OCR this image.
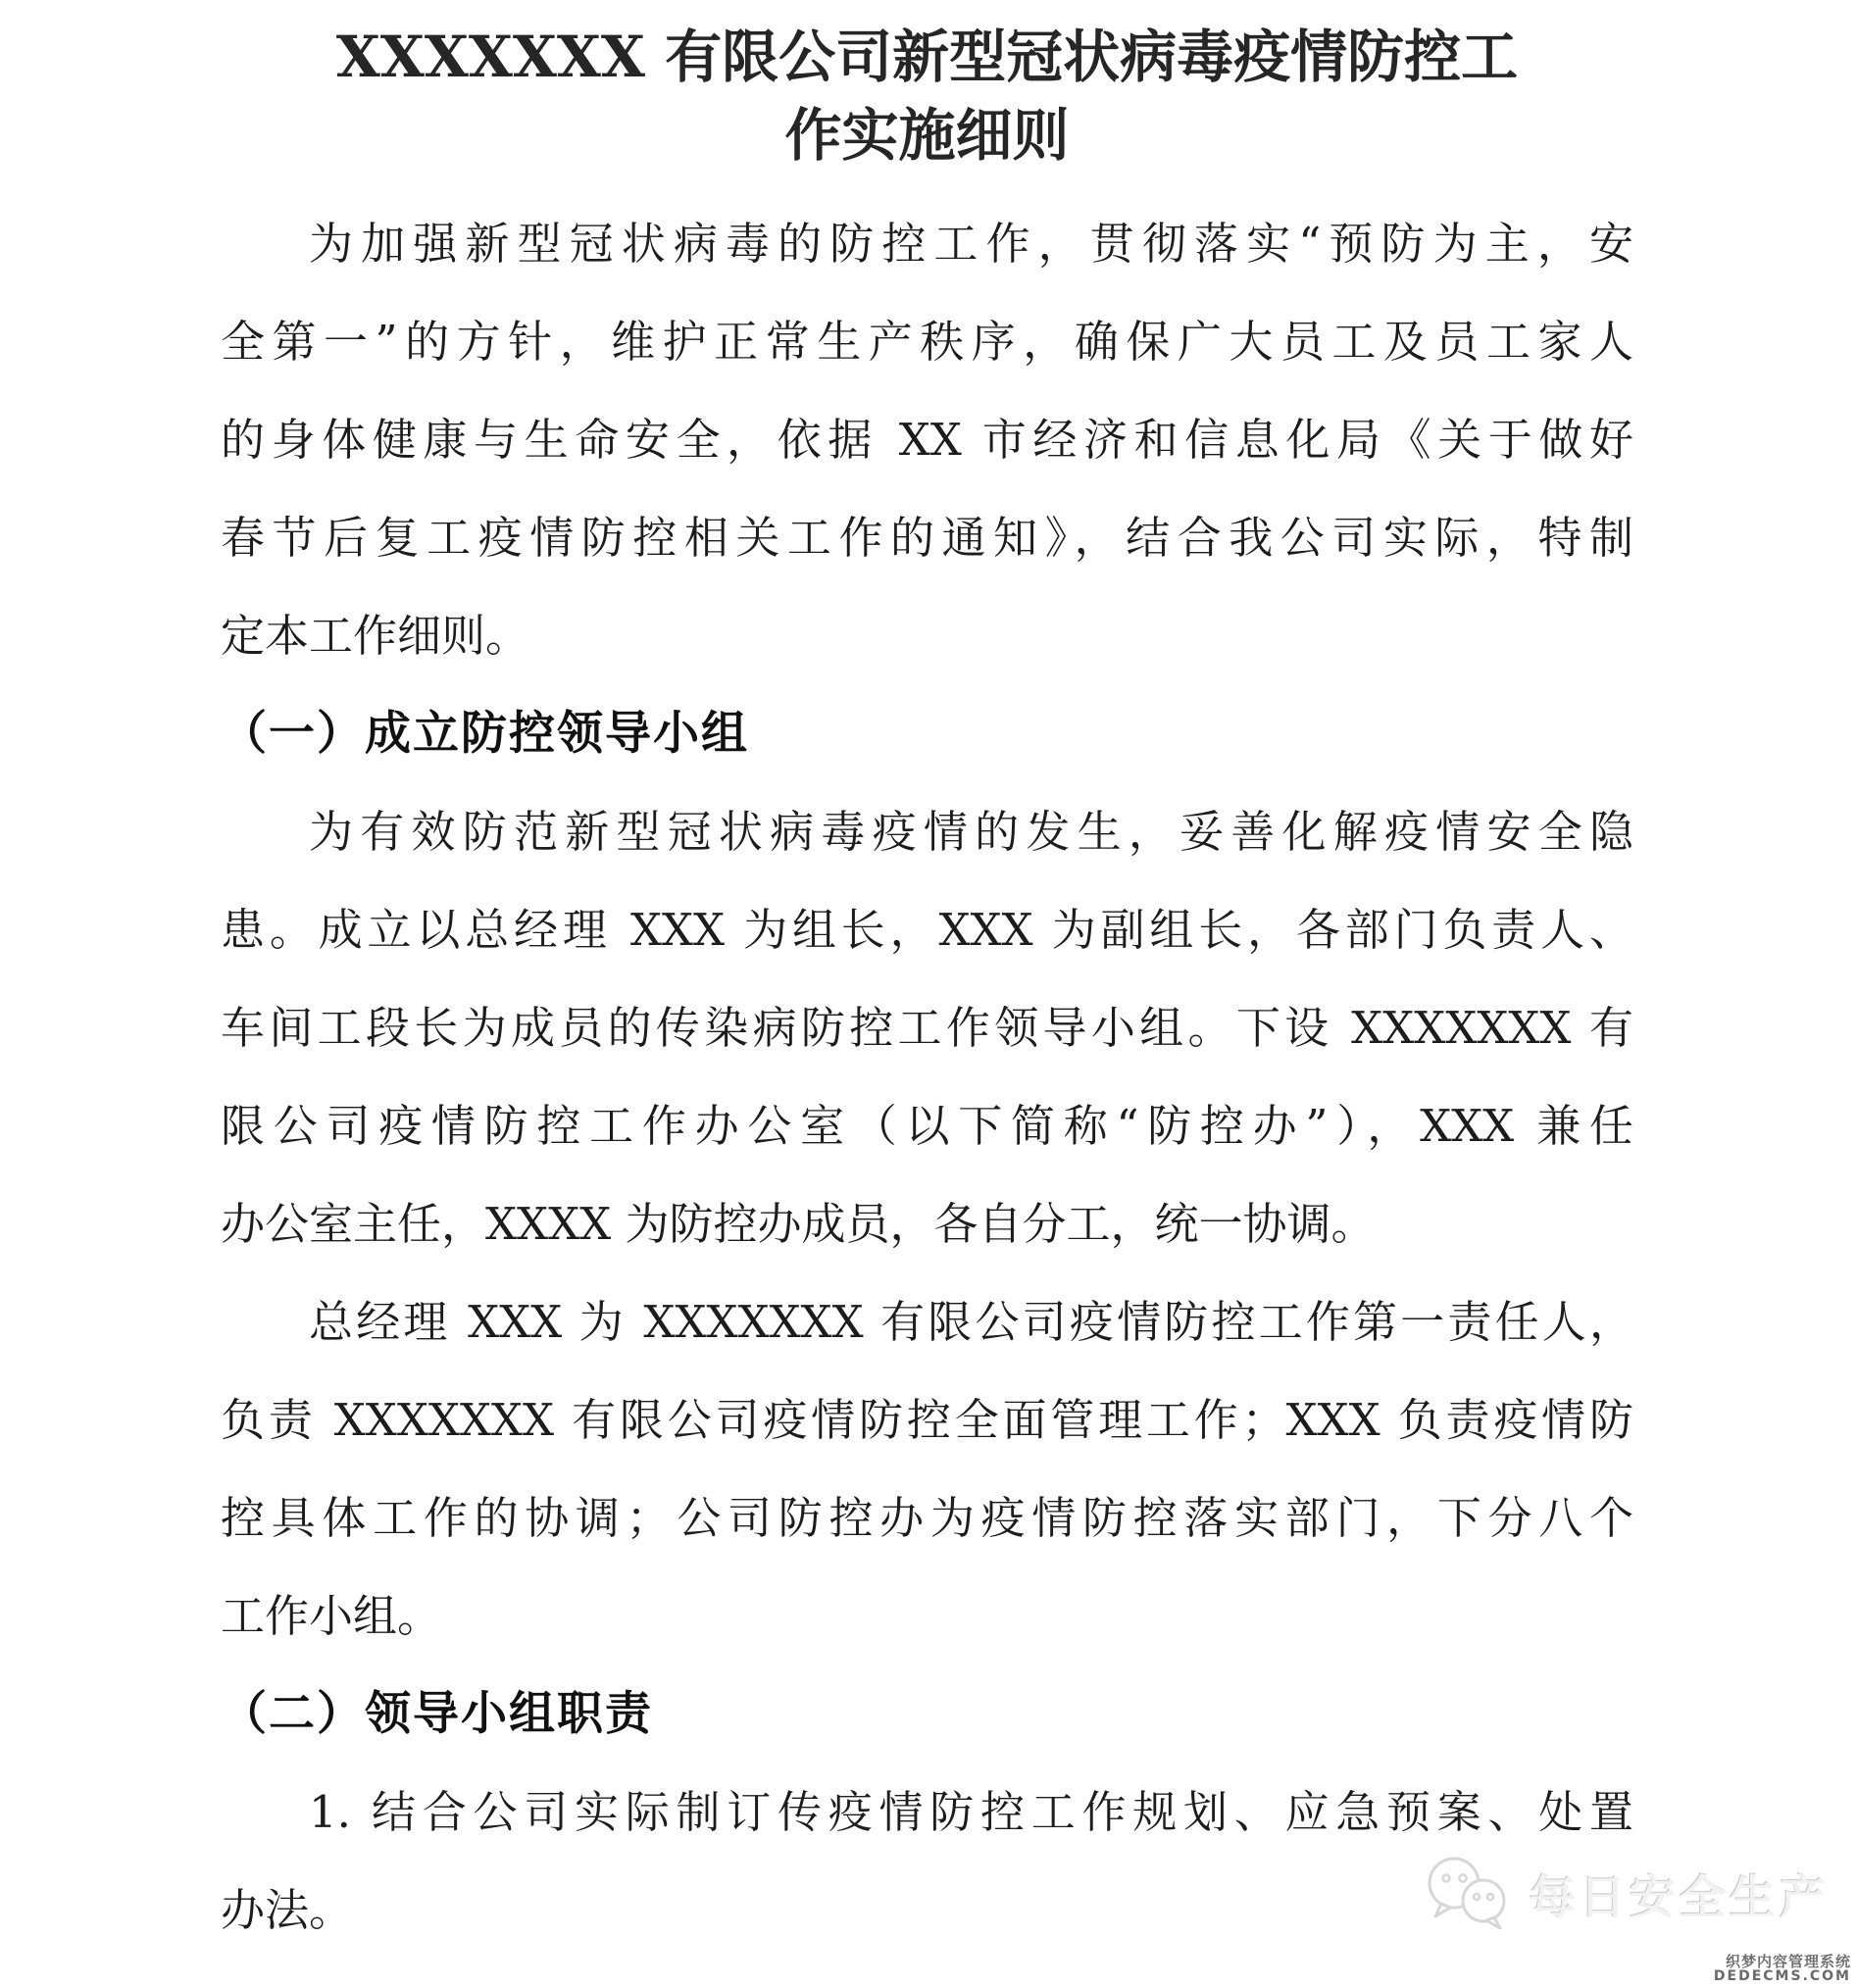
XXXXXXX 有限公司新型冠状病毒疫情防控工
作实施细则
为加强新型冠状病毒的防控工作，贯彻落实“预防为主，安
全第一”的方针，维护正常生产秩序，确保广大员工及员工家人
的身体健康与生命安全，依据 XX 市经济和信息化局《关于做好
春节后复工疫情防控相关工作的通知》，结合我公司实际，特制
定本工作细则。
（一）成立防控领导小组
为有效防范新型冠状病毒疫情的发生，妥善化解疫情安全隐
患。成立以总经理 XXX 为组长，XXX 为副组长，各部门负责人、
车间工段长为成员的传染病防控工作领导小组。下设 XXXXXXX 有
限公司疫情防控工作办公室（以下简称“防控办”），XXX 兼任
办公室主任，XXXX 为防控办成员，各自分工，统一协调。
总经理 XXX 为 XXXXXXX 有限公司疫情防控工作第一责任人，
负责 XXXXXXX 有限公司疫情防控全面管理工作；XXX 负责疫情防
控具体工作的协调；公司防控办为疫情防控落实部门，下分八个
工作小组。
（二）领导小组职责
1. 结合公司实际制订传疫情防控工作规划、应急预案、处置
办法。	每日安全生产
织梦内容管理系统
DEDECMS.COM
